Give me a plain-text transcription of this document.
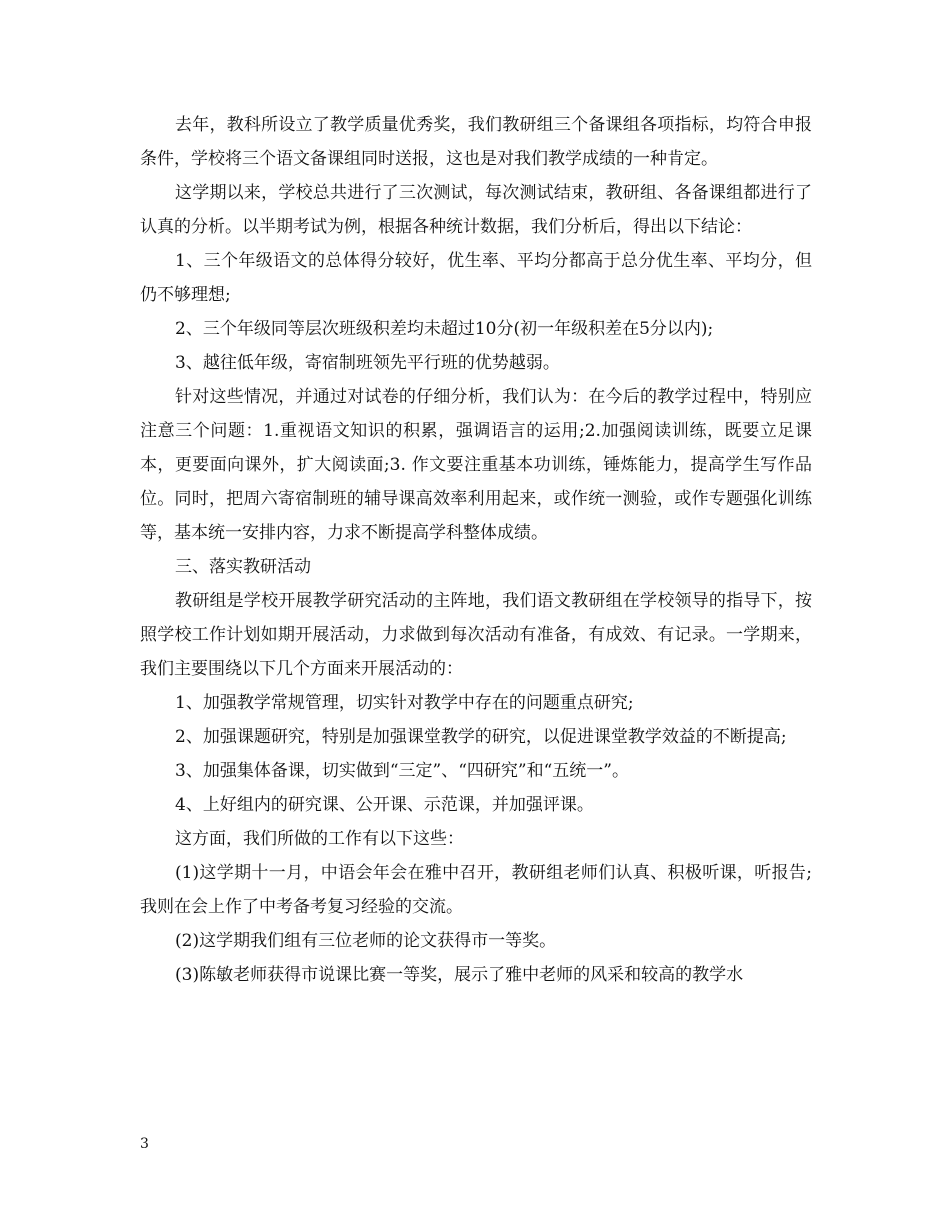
去年，教科所设立了教学质量优秀奖，我们教研组三个备课组各项指标，均符合申报条件，学校将三个语文备课组同时送报，这也是对我们教学成绩的一种肯定。

这学期以来，学校总共进行了三次测试，每次测试结束，教研组、各备课组都进行了认真的分析。以半期考试为例，根据各种统计数据，我们分析后，得出以下结论：

1、三个年级语文的总体得分较好，优生率、平均分都高于总分优生率、平均分，但仍不够理想;

2、三个年级同等层次班级积差均未超过10分(初一年级积差在5分以内);

3、越往低年级，寄宿制班领先平行班的优势越弱。

针对这些情况，并通过对试卷的仔细分析，我们认为：在今后的教学过程中，特别应注意三个问题：1.重视语文知识的积累，强调语言的运用;2.加强阅读训练，既要立足课本，更要面向课外，扩大阅读面;3. 作文要注重基本功训练，锤炼能力，提高学生写作品位。同时，把周六寄宿制班的辅导课高效率利用起来，或作统一测验，或作专题强化训练等，基本统一安排内容，力求不断提高学科整体成绩。

三、落实教研活动

教研组是学校开展教学研究活动的主阵地，我们语文教研组在学校领导的指导下，按照学校工作计划如期开展活动，力求做到每次活动有准备，有成效、有记录。一学期来，我们主要围绕以下几个方面来开展活动的：

1、加强教学常规管理，切实针对教学中存在的问题重点研究;

2、加强课题研究，特别是加强课堂教学的研究，以促进课堂教学效益的不断提高;

3、加强集体备课，切实做到“三定”、“四研究”和“五统一”。

4、上好组内的研究课、公开课、示范课，并加强评课。

这方面，我们所做的工作有以下这些：

(1)这学期十一月，中语会年会在雅中召开，教研组老师们认真、积极听课，听报告;我则在会上作了中考备考复习经验的交流。

(2)这学期我们组有三位老师的论文获得市一等奖。

(3)陈敏老师获得市说课比赛一等奖，展示了雅中老师的风采和较高的教学水

3
